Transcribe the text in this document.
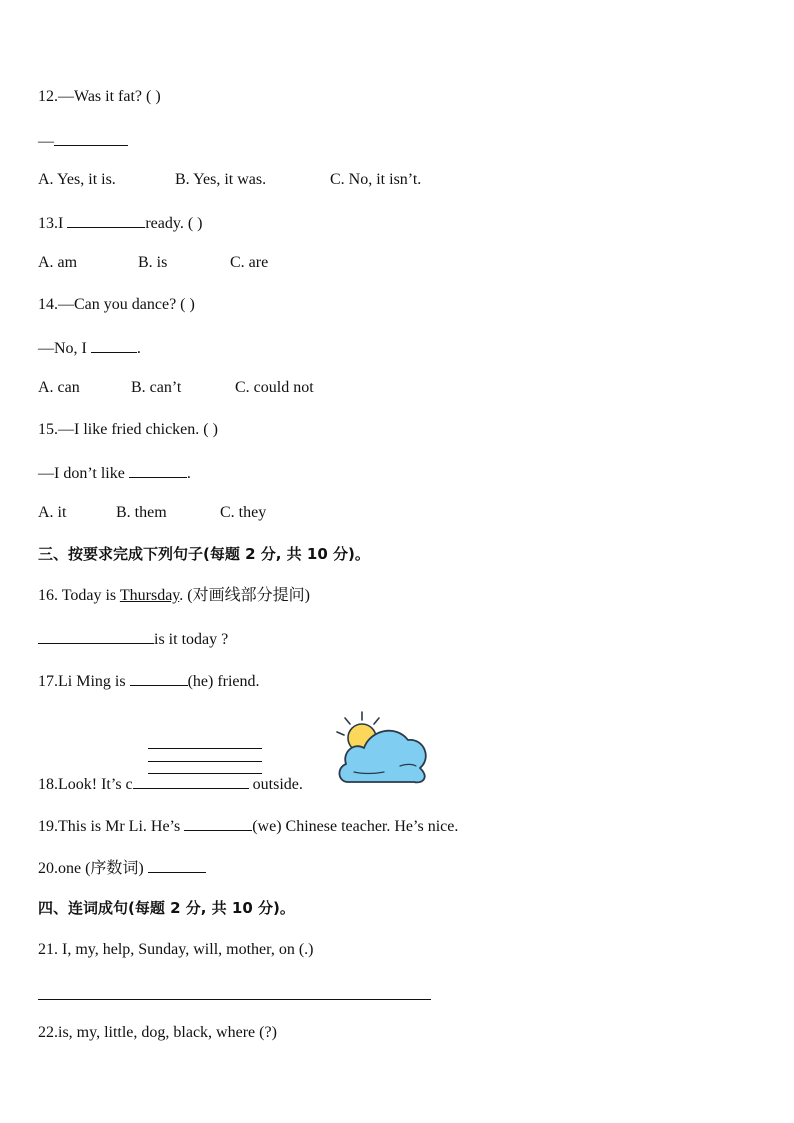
12.—Was it fat? ( )
—
A. Yes, it is.	B. Yes, it was.	C. No, it isn’t.
13.I	ready. ( )
A. am	B. is	C. are
14.—Can you dance? ( )
—No, I	.
A. can	B. can’t	C. could not
15.—I like fried chicken. ( )
—I don’t like	.
A. it	B. them	C. they
三、按要求完成下列句子(每题 2 分, 共 10 分)。
16. Today is Thursday. (对画线部分提问)
is it today ?
17.Li Ming is	(he) friend.
18.Look! It’s c	outside.
19.This is Mr Li. He’s	(we) Chinese teacher. He’s nice.
20.one (序数词)
四、连词成句(每题 2 分, 共 10 分)。
21. I, my, help, Sunday, will, mother, on (.)
22.is, my, little, dog, black, where (?)
